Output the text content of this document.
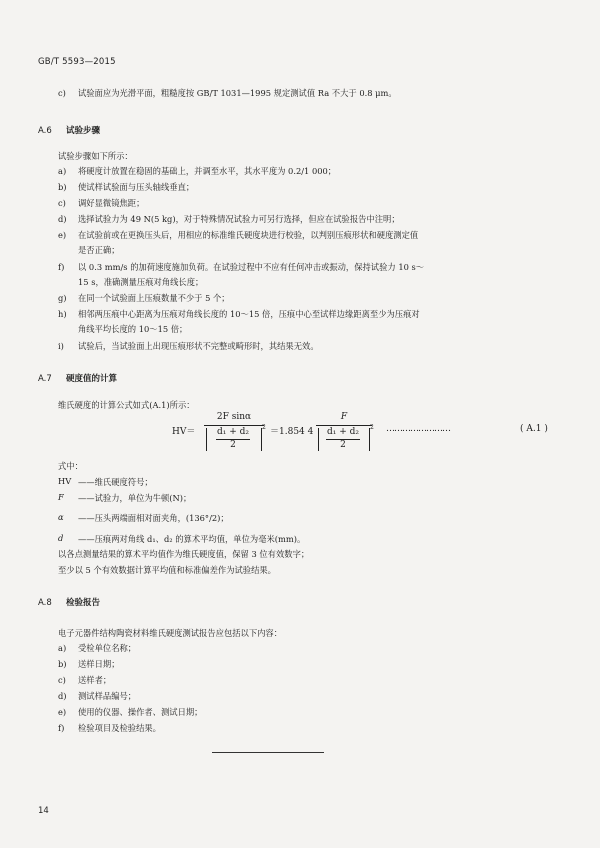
GB/T 5593—2015
c)	试验面应为光滑平面，粗糙度按 GB/T 1031—1995 规定测试值 Ra 不大于 0.8 μm。
A.6 试验步骤
试验步骤如下所示：
a)	将硬度计放置在稳固的基础上，并调至水平，其水平度为 0.2/1 000；
b)	使试样试验面与压头轴线垂直；
c)	调好显微镜焦距；
d)	选择试验力为 49 N(5 kg)，对于特殊情况试验力可另行选择，但应在试验报告中注明；
e)	在试验前或在更换压头后，用相应的标准维氏硬度块进行校验，以判别压痕形状和硬度测定值
是否正确；
f)	以 0.3 mm/s 的加荷速度施加负荷。在试验过程中不应有任何冲击或振动，保持试验力 10 s～
15 s，准确测量压痕对角线长度；
g)	在同一个试验面上压痕数量不少于 5 个；
h)	相邻两压痕中心距离为压痕对角线长度的 10～15 倍，压痕中心至试样边缘距离至少为压痕对
角线平均长度的 10～15 倍；
i)	试验后，当试验面上出现压痕形状不完整或畸形时，其结果无效。
A.7 硬度值的计算
维氏硬度的计算公式如式(A.1)所示：
HV＝
2F sinα
d₁ + d₂
2
2 ＝1.854 4
F
d₁ + d₂
2
2 ……………………	( A.1 )
式中：
HV ——维氏硬度符号；
F ——试验力，单位为牛顿(N)；
α ——压头两端面相对面夹角，(136°/2)；
d ——压痕两对角线 d₁、d₂ 的算术平均值，单位为毫米(mm)。
以各点测量结果的算术平均值作为维氏硬度值，保留 3 位有效数字；
至少以 5 个有效数据计算平均值和标准偏差作为试验结果。
A.8 检验报告
电子元器件结构陶瓷材料维氏硬度测试报告应包括以下内容：
a)	受检单位名称；
b)	送样日期；
c)	送样者；
d)	测试样品编号；
e)	使用的仪器、操作者、测试日期；
f)	检验项目及检验结果。
14
